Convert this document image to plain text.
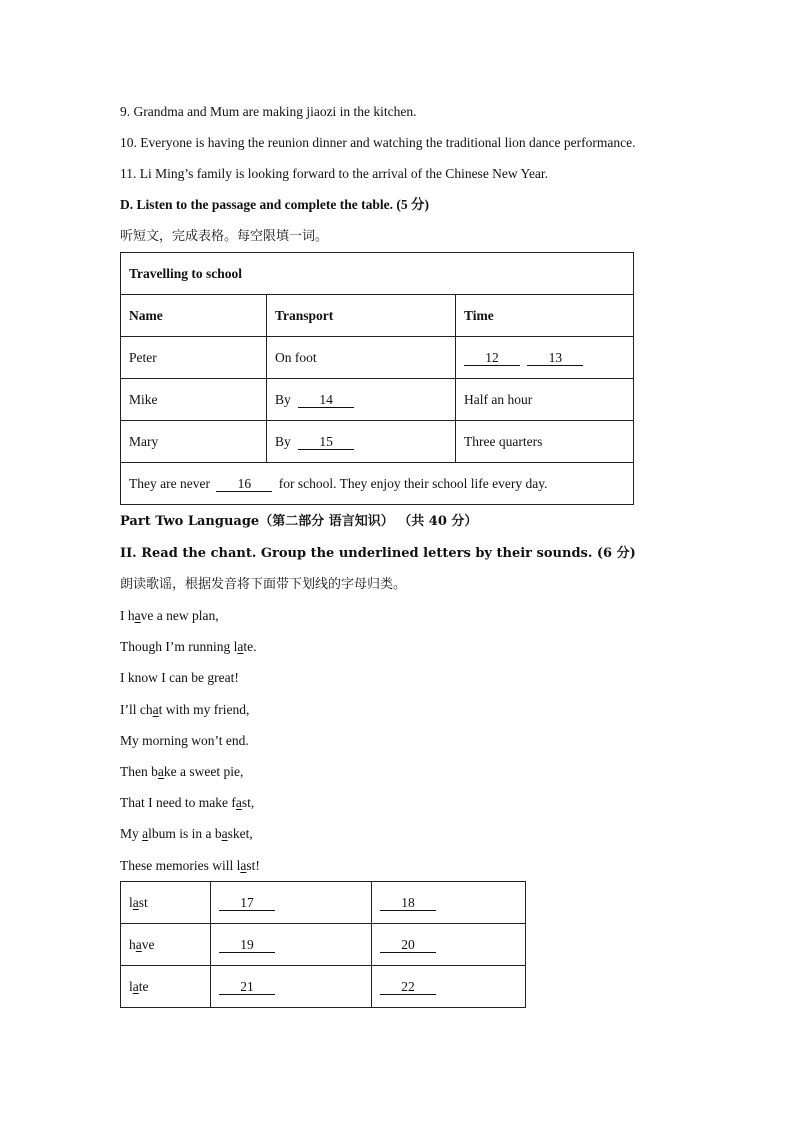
9. Grandma and Mum are making jiaozi in the kitchen.
10. Everyone is having the reunion dinner and watching the traditional lion dance performance.
11. Li Ming’s family is looking forward to the arrival of the Chinese New Year.
D. Listen to the passage and complete the table. (5 分)
听短文，完成表格。每空限填一词。
Travelling to school		
Name	Transport	Time
Peter	On foot	12 13
Mike	By 14	Half an hour
Mary	By 15	Three quarters
They are never 16 for school. They enjoy their school life every day.		
Part Two Language（第二部分 语言知识） （共 40 分）
II. Read the chant. Group the underlined letters by their sounds. (6 分)
朗读歌谣，根据发音将下面带下划线的字母归类。
I have a new plan,
Though I’m running late.
I know I can be great!
I’ll chat with my friend,
My morning won’t end.
Then bake a sweet pie,
That I need to make fast,
My album is in a basket,
These memories will last!
last	17	18
have	19	20
late	21	22
